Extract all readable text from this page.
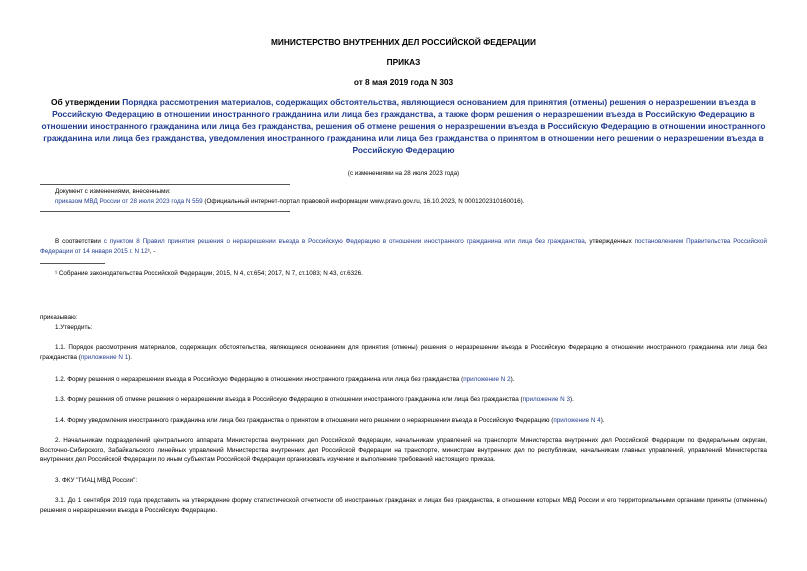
МИНИСТЕРСТВО ВНУТРЕННИХ ДЕЛ РОССИЙСКОЙ ФЕДЕРАЦИИ
ПРИКАЗ
от 8 мая 2019 года N 303
Об утверждении Порядка рассмотрения материалов, содержащих обстоятельства, являющиеся основанием для принятия (отмены) решения о неразрешении въезда в Российскую Федерацию в отношении иностранного гражданина или лица без гражданства, а также форм решения о неразрешении въезда в Российскую Федерацию в отношении иностранного гражданина или лица без гражданства, решения об отмене решения о неразрешении въезда в Российскую Федерацию в отношении иностранного гражданина или лица без гражданства, уведомления иностранного гражданина или лица без гражданства о принятом в отношении него решении о неразрешении въезда в Российскую Федерацию
(с изменениями на 28 июля 2023 года)
Документ с изменениями, внесенными:
приказом МВД России от 28 июля 2023 года N 559 (Официальный интернет-портал правовой информации www.pravo.gov.ru, 16.10.2023, N 0001202310160016).
В соответствии с пунктом 8 Правил принятия решения о неразрешении въезда в Российскую Федерацию в отношении иностранного гражданина или лица без гражданства, утвержденных постановлением Правительства Российской Федерации от 14 января 2015 г. N 12¹, -
¹ Собрание законодательства Российской Федерации, 2015, N 4, ст.654; 2017, N 7, ст.1083; N 43, ст.6326.
приказываю:
1.Утвердить:
1.1. Порядок рассмотрения материалов, содержащих обстоятельства, являющиеся основанием для принятия (отмены) решения о неразрешении въезда в Российскую Федерацию в отношении иностранного гражданина или лица без гражданства (приложение N 1).
1.2. Форму решения о неразрешении въезда в Российскую Федерацию в отношении иностранного гражданина или лица без гражданства (приложение N 2).
1.3. Форму решения об отмене решения о неразрешении въезда в Российскую Федерацию в отношении иностранного гражданина или лица без гражданства (приложение N 3).
1.4. Форму уведомления иностранного гражданина или лица без гражданства о принятом в отношении него решении о неразрешении въезда в Российскую Федерацию (приложение N 4).
2. Начальникам подразделений центрального аппарата Министерства внутренних дел Российской Федерации, начальникам управлений на транспорте Министерства внутренних дел Российской Федерации по федеральным округам, Восточно-Сибирского, Забайкальского линейных управлений Министерства внутренних дел Российской Федерации на транспорте, министрам внутренних дел по республикам, начальникам главных управлений, управлений Министерства внутренних дел Российской Федерации по иным субъектам Российской Федерации организовать изучение и выполнение требований настоящего приказа.
3. ФКУ "ГИАЦ МВД России":
3.1. До 1 сентября 2019 года представить на утверждение форму статистической отчетности об иностранных гражданах и лицах без гражданства, в отношении которых МВД России и его территориальными органами приняты (отменены) решения о неразрешении въезда в Российскую Федерацию.
